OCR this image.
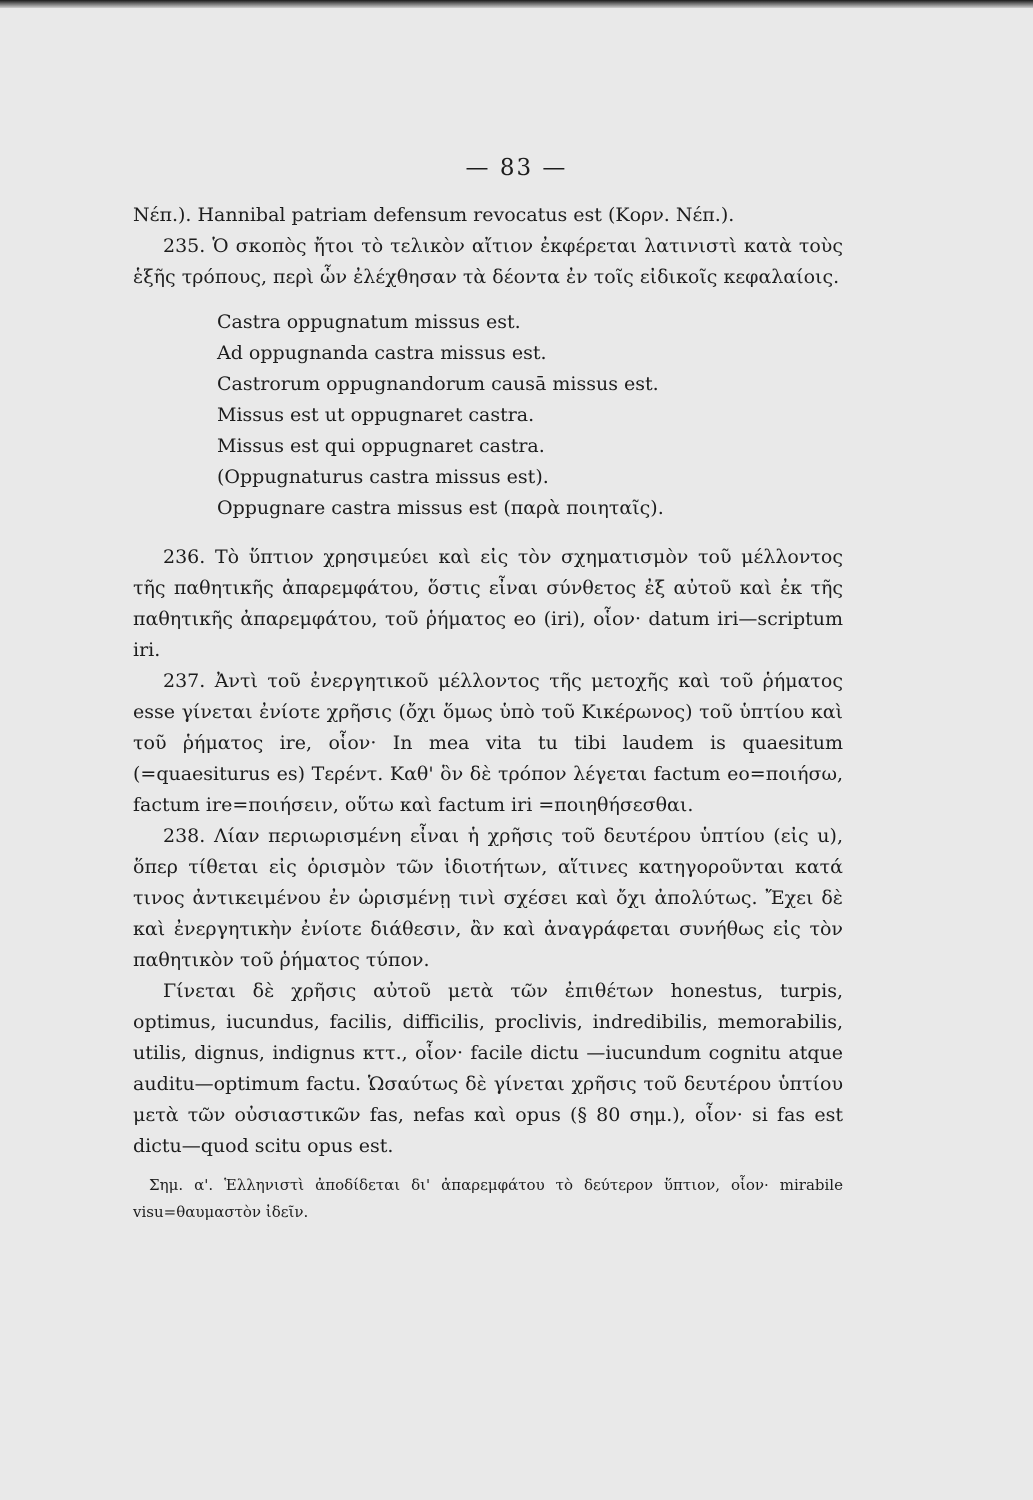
— 83 —

Νέπ.). Hannibal patriam defensum revocatus est (Κορν. Νέπ.).

235. Ὁ σκοπὸς ἤτοι τὸ τελικὸν αἴτιον ἐκφέρεται λατινιστὶ κατὰ τοὺς ἑξῆς τρόπους, περὶ ὧν ἐλέχθησαν τὰ δέοντα ἐν τοῖς εἰδικοῖς κεφαλαίοις.

Castra oppugnatum missus est.
Ad oppugnanda castra missus est.
Castrorum oppugnandorum causā missus est.
Missus est ut oppugnaret castra.
Missus est qui oppugnaret castra.
(Oppugnaturus castra missus est).
Oppugnare castra missus est (παρὰ ποιηταῖς).

236. Τὸ ὕπτιον χρησιμεύει καὶ εἰς τὸν σχηματισμὸν τοῦ μέλλοντος τῆς παθητικῆς ἀπαρεμφάτου, ὅστις εἶναι σύνθετος ἐξ αὐτοῦ καὶ ἐκ τῆς παθητικῆς ἀπαρεμφάτου, τοῦ ῥήματος eo (iri), οἷον· datum iri—scriptum iri.

237. Ἀντὶ τοῦ ἐνεργητικοῦ μέλλοντος τῆς μετοχῆς καὶ τοῦ ῥήματος esse γίνεται ἐνίοτε χρῆσις (ὄχι ὅμως ὑπὸ τοῦ Κικέρωνος) τοῦ ὑπτίου καὶ τοῦ ῥήματος ire, οἷον· In mea vita tu tibi laudem is quaesitum (=quaesiturus es) Τερέντ. Καθ' ὃν δὲ τρόπον λέγεται factum eo=ποιήσω, factum ire=ποιήσειν, οὕτω καὶ factum iri =ποιηθήσεσθαι.

238. Λίαν περιωρισμένη εἶναι ἡ χρῆσις τοῦ δευτέρου ὑπτίου (εἰς u), ὅπερ τίθεται εἰς ὁρισμὸν τῶν ἰδιοτήτων, αἵτινες κατηγοροῦνται κατά τινος ἀντικειμένου ἐν ὡρισμένῃ τινὶ σχέσει καὶ ὄχι ἀπολύτως. Ἔχει δὲ καὶ ἐνεργητικὴν ἐνίοτε διάθεσιν, ἂν καὶ ἀναγράφεται συνήθως εἰς τὸν παθητικὸν τοῦ ῥήματος τύπον.

Γίνεται δὲ χρῆσις αὐτοῦ μετὰ τῶν ἐπιθέτων honestus, turpis, optimus, iucundus, facilis, difficilis, proclivis, indredibilis, memorabilis, utilis, dignus, indignus κττ., οἷον· facile dictu —iucundum cognitu atque auditu—optimum factu. Ὡσαύτως δὲ γίνεται χρῆσις τοῦ δευτέρου ὑπτίου μετὰ τῶν οὐσιαστικῶν fas, nefas καὶ opus (§ 80 σημ.), οἷον· si fas est dictu—quod scitu opus est.

Σημ. α'. Ἑλληνιστὶ ἀποδίδεται δι' ἀπαρεμφάτου τὸ δεύτερον ὕπτιον, οἷον· mirabile visu=θαυμαστὸν ἰδεῖν.
